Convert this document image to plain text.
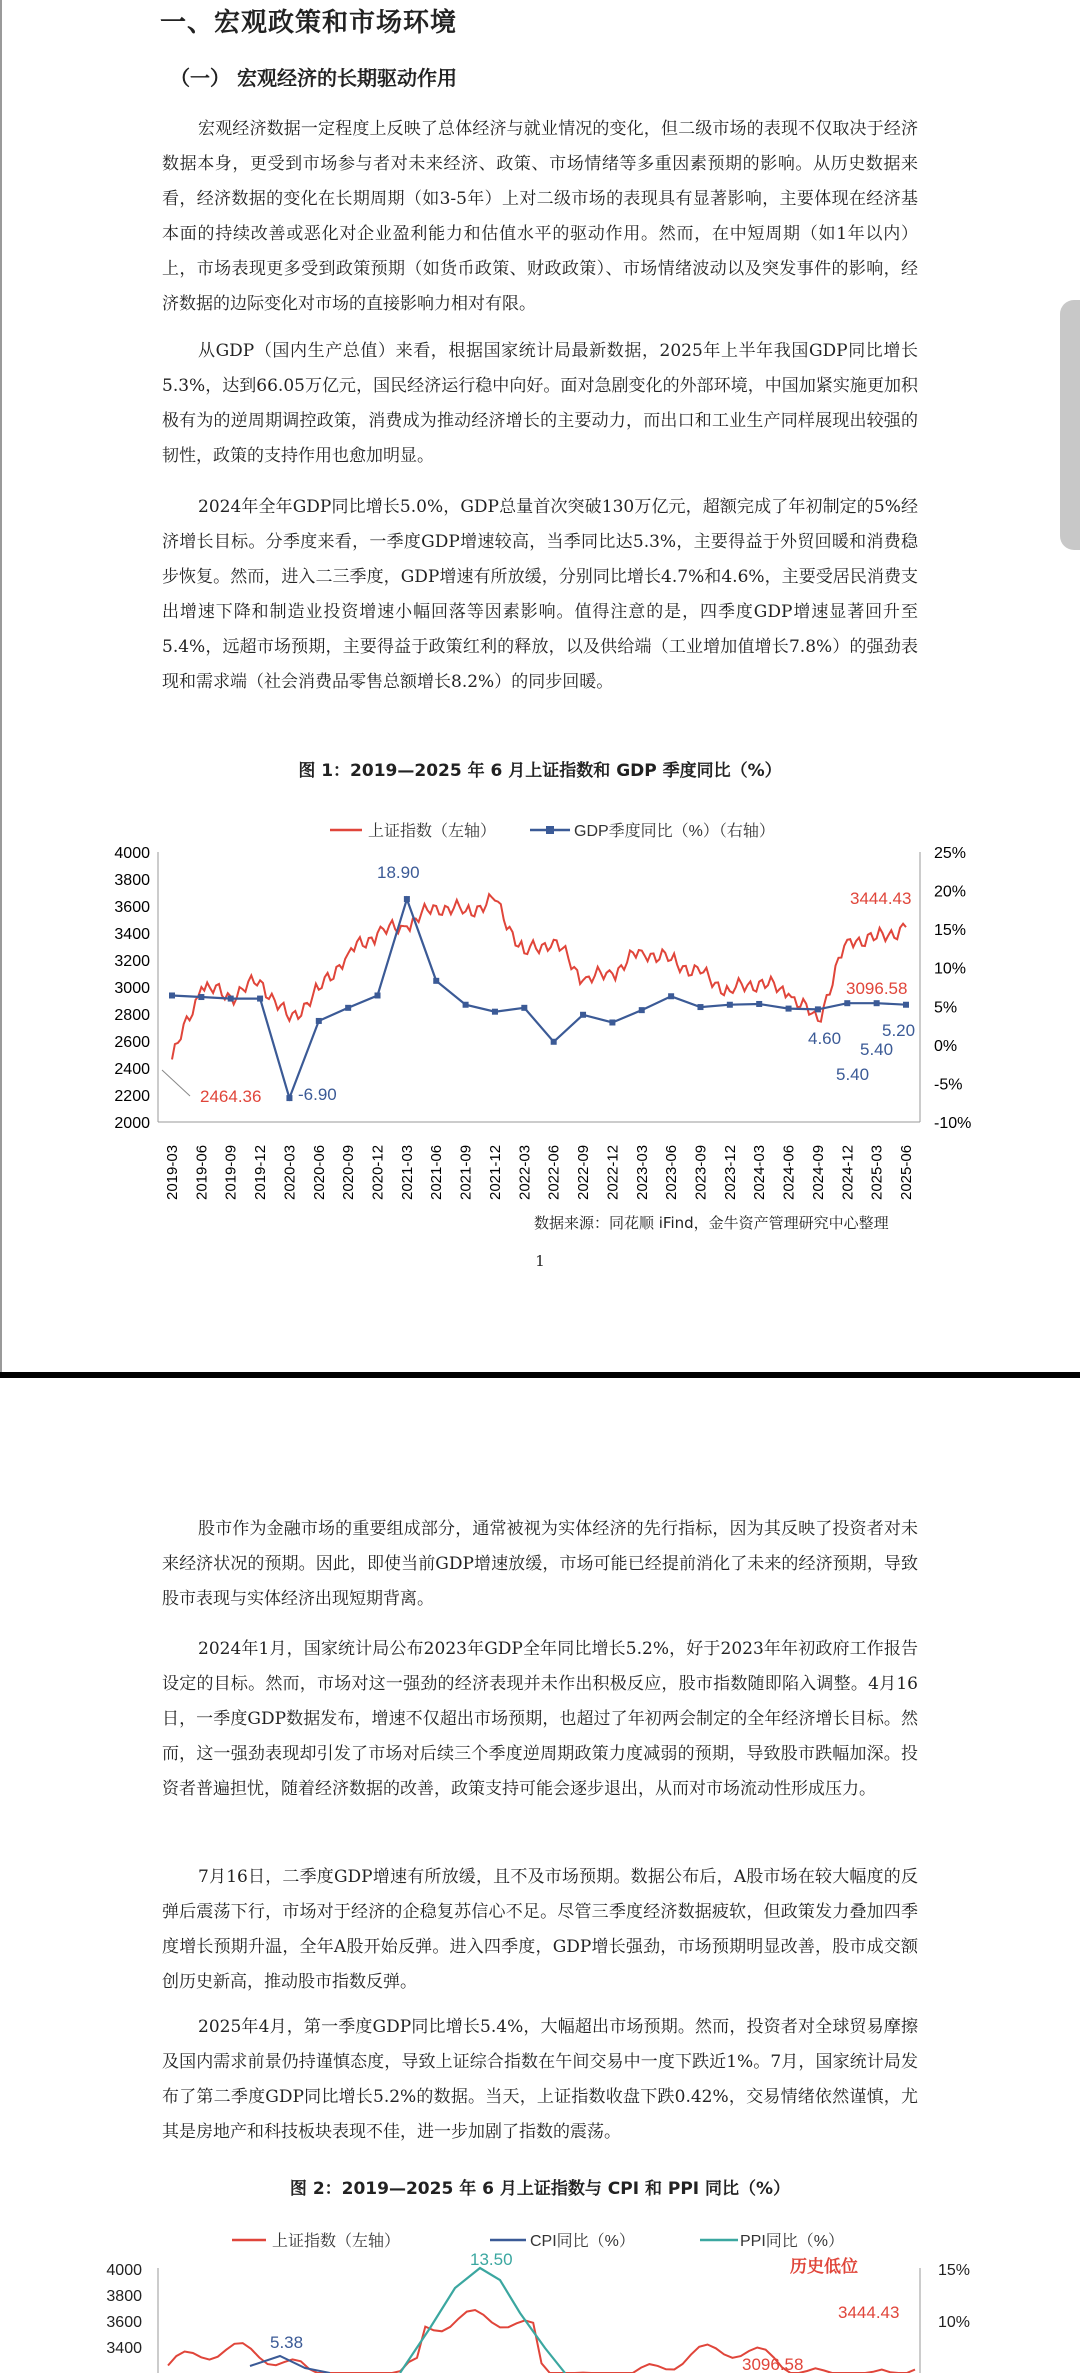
一、宏观政策和市场环境
（一） 宏观经济的长期驱动作用

宏观经济数据一定程度上反映了总体经济与就业情况的变化，但二级市场的表现不仅取决于经济数据本身，更受到市场参与者对未来经济、政策、市场情绪等多重因素预期的影响。从历史数据来看，经济数据的变化在长期周期（如3-5年）上对二级市场的表现具有显著影响，主要体现在经济基本面的持续改善或恶化对企业盈利能力和估值水平的驱动作用。然而，在中短周期（如1年以内）上，市场表现更多受到政策预期（如货币政策、财政政策）、市场情绪波动以及突发事件的影响，经济数据的边际变化对市场的直接影响力相对有限。

从GDP（国内生产总值）来看，根据国家统计局最新数据，2025年上半年我国GDP同比增长5.3%，达到66.05万亿元，国民经济运行稳中向好。面对急剧变化的外部环境，中国加紧实施更加积极有为的逆周期调控政策，消费成为推动经济增长的主要动力，而出口和工业生产同样展现出较强的韧性，政策的支持作用也愈加明显。

2024年全年GDP同比增长5.0%，GDP总量首次突破130万亿元，超额完成了年初制定的5%经济增长目标。分季度来看，一季度GDP增速较高，当季同比达5.3%，主要得益于外贸回暖和消费稳步恢复。然而，进入二三季度，GDP增速有所放缓，分别同比增长4.7%和4.6%，主要受居民消费支出增速下降和制造业投资增速小幅回落等因素影响。值得注意的是，四季度GDP增速显著回升至5.4%，远超市场预期，主要得益于政策红利的释放，以及供给端（工业增加值增长7.8%）的强劲表现和需求端（社会消费品零售总额增长8.2%）的同步回暖。

图 1：2019—2025 年 6 月上证指数和 GDP 季度同比（%）
上证指数（左轴）	GDP季度同比（%）（右轴）
4000
3800
3600
3400
3200
3000
2800
2600
2400
2200
2000
25%
20%
15%
10%
5%
0%
-5%
-10%
2019-03 2019-06 2019-09 2019-12 2020-03 2020-06 2020-09 2020-12 2021-03 2021-06 2021-09 2021-12 2022-03 2022-06 2022-09 2022-12 2023-03 2023-06 2023-09 2023-12 2024-03 2024-06 2024-09 2024-12 2025-03 2025-06
18.90
-6.90
2464.36
3444.43
3096.58
4.60
5.40
5.40
5.20
数据来源：同花顺 iFind，金牛资产管理研究中心整理
1

股市作为金融市场的重要组成部分，通常被视为实体经济的先行指标，因为其反映了投资者对未来经济状况的预期。因此，即使当前GDP增速放缓，市场可能已经提前消化了未来的经济预期，导致股市表现与实体经济出现短期背离。

2024年1月，国家统计局公布2023年GDP全年同比增长5.2%，好于2023年年初政府工作报告设定的目标。然而，市场对这一强劲的经济表现并未作出积极反应，股市指数随即陷入调整。4月16日，一季度GDP数据发布，增速不仅超出市场预期，也超过了年初两会制定的全年经济增长目标。然而，这一强劲表现却引发了市场对后续三个季度逆周期政策力度减弱的预期，导致股市跌幅加深。投资者普遍担忧，随着经济数据的改善，政策支持可能会逐步退出，从而对市场流动性形成压力。

7月16日，二季度GDP增速有所放缓，且不及市场预期。数据公布后，A股市场在较大幅度的反弹后震荡下行，市场对于经济的企稳复苏信心不足。尽管三季度经济数据疲软，但政策发力叠加四季度增长预期升温，全年A股开始反弹。进入四季度，GDP增长强劲，市场预期明显改善，股市成交额创历史新高，推动股市指数反弹。

2025年4月，第一季度GDP同比增长5.4%，大幅超出市场预期。然而，投资者对全球贸易摩擦及国内需求前景仍持谨慎态度，导致上证综合指数在午间交易中一度下跌近1%。7月，国家统计局发布了第二季度GDP同比增长5.2%的数据。当天，上证指数收盘下跌0.42%，交易情绪依然谨慎，尤其是房地产和科技板块表现不佳，进一步加剧了指数的震荡。

图 2：2019—2025 年 6 月上证指数与 CPI 和 PPI 同比（%）
上证指数（左轴）	CPI同比（%）	PPI同比（%）
4000
3800
3600
3400
15%
10%
13.50
5.38
历史低位
3444.43
3096.58
